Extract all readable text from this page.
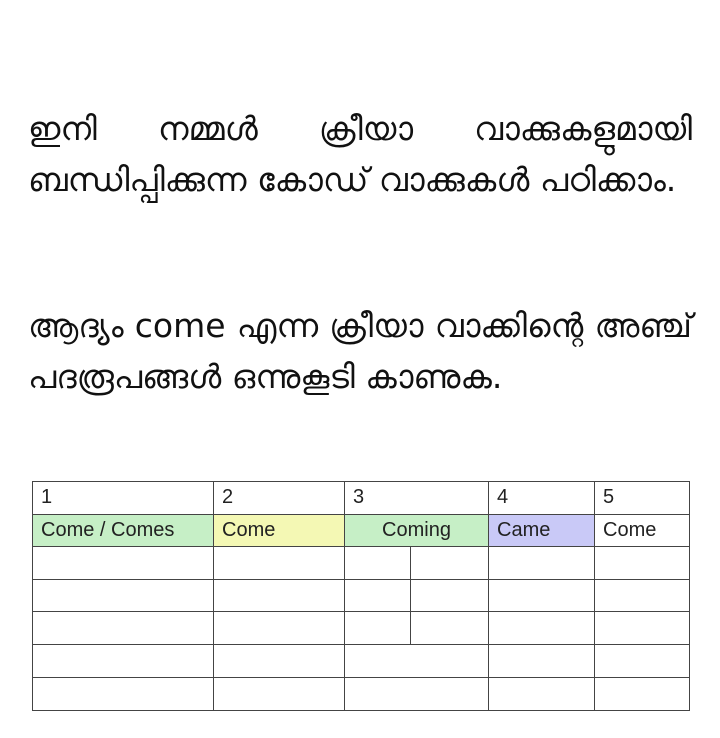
ഇനി നമ്മൾ ക്രീയാ വാക്കുകളുമായി ബന്ധിപ്പിക്കുന്ന കോഡ് വാക്കുകൾ പഠിക്കാം.
ആദ്യം come എന്ന ക്രീയാ വാക്കിന്റെ അഞ്ച് പദരൂപങ്ങൾ ഒന്നുകൂടി കാണുക.
1	2	3		4	5
Come / Comes	Come	Coming		Came	Come
